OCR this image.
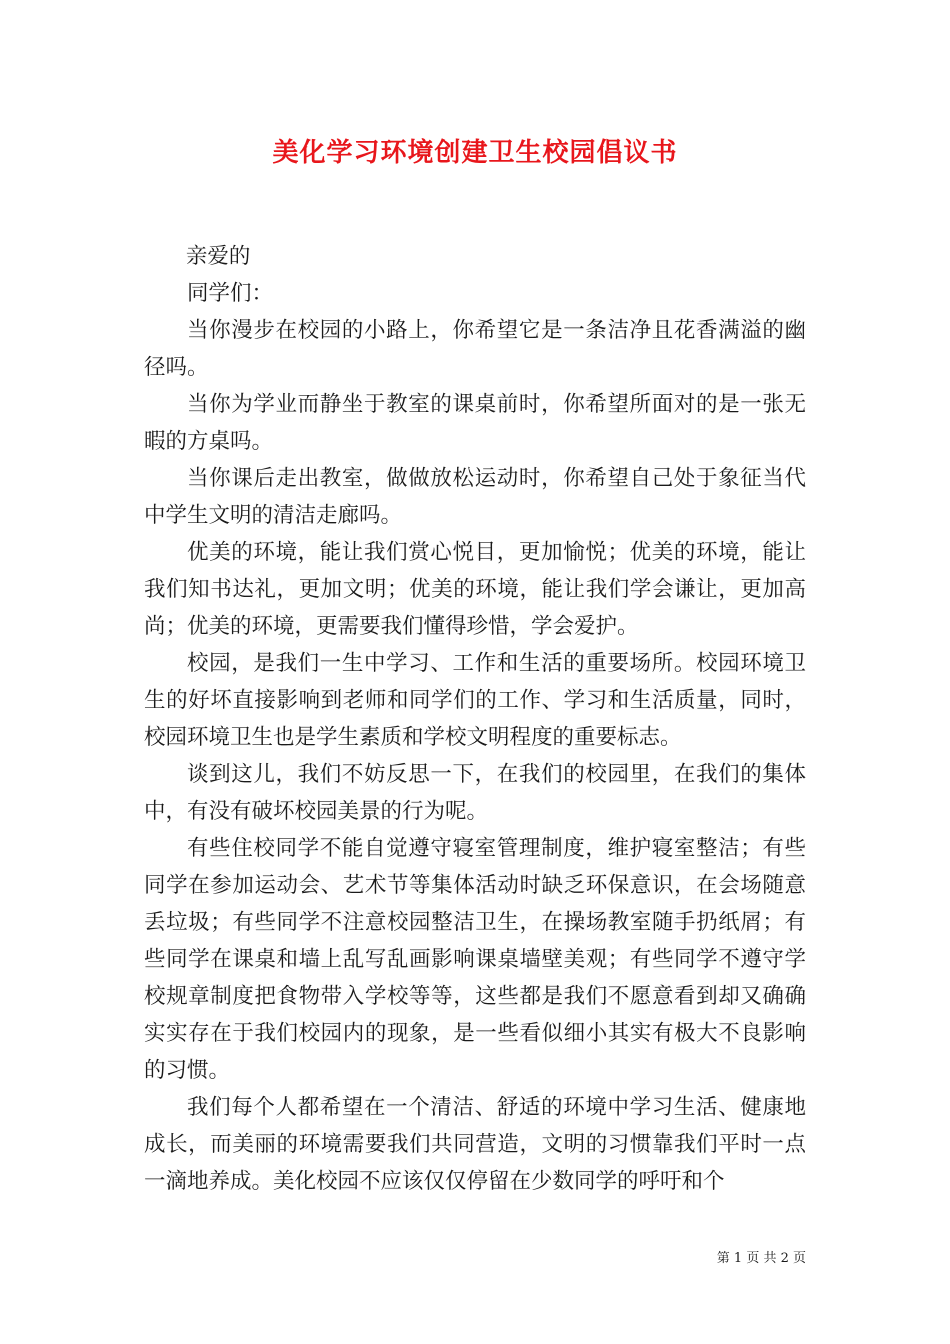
美化学习环境创建卫生校园倡议书

亲爱的

同学们：

当你漫步在校园的小路上，你希望它是一条洁净且花香满溢的幽径吗。

当你为学业而静坐于教室的课桌前时，你希望所面对的是一张无暇的方桌吗。

当你课后走出教室，做做放松运动时，你希望自己处于象征当代中学生文明的清洁走廊吗。

优美的环境，能让我们赏心悦目，更加愉悦；优美的环境，能让我们知书达礼，更加文明；优美的环境，能让我们学会谦让，更加高尚；优美的环境，更需要我们懂得珍惜，学会爱护。

校园，是我们一生中学习、工作和生活的重要场所。校园环境卫生的好坏直接影响到老师和同学们的工作、学习和生活质量，同时，校园环境卫生也是学生素质和学校文明程度的重要标志。

谈到这儿，我们不妨反思一下，在我们的校园里，在我们的集体中，有没有破坏校园美景的行为呢。

有些住校同学不能自觉遵守寝室管理制度，维护寝室整洁；有些同学在参加运动会、艺术节等集体活动时缺乏环保意识，在会场随意丢垃圾；有些同学不注意校园整洁卫生，在操场教室随手扔纸屑；有些同学在课桌和墙上乱写乱画影响课桌墙壁美观；有些同学不遵守学校规章制度把食物带入学校等等，这些都是我们不愿意看到却又确确实实存在于我们校园内的现象，是一些看似细小其实有极大不良影响的习惯。

我们每个人都希望在一个清洁、舒适的环境中学习生活、健康地成长，而美丽的环境需要我们共同营造，文明的习惯靠我们平时一点一滴地养成。美化校园不应该仅仅停留在少数同学的呼吁和个

第 1 页 共 2 页
